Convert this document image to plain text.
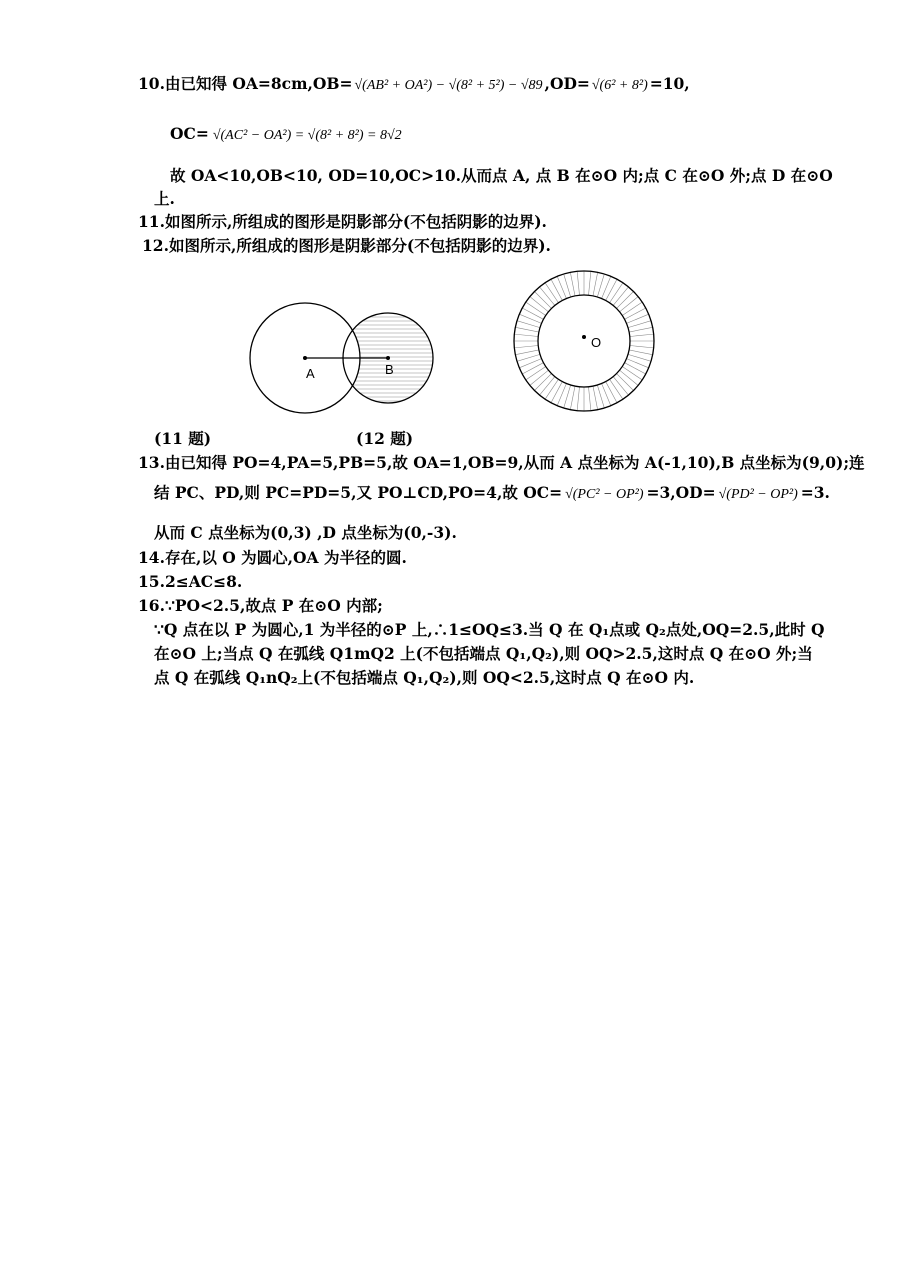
10.由已知得 OA=8cm,OB= √(AB² + OA²) − √(8² + 5²) − √89 ,OD= √(6² + 8²) =10,
OC= √(AC² − OA²) = √(8² + 8²) = 8√2
故 OA<10,OB<10, OD=10,OC>10.从而点 A, 点 B 在⊙O 内;点 C 在⊙O 外;点 D 在⊙O
上.
11.如图所示,所组成的图形是阴影部分(不包括阴影的边界).
12.如图所示,所组成的图形是阴影部分(不包括阴影的边界).
A	B
O
(11 题)	(12 题)
13.由已知得 PO=4,PA=5,PB=5,故 OA=1,OB=9,从而 A 点坐标为 A(-1,10),B 点坐标为(9,0);连
结 PC、PD,则 PC=PD=5,又 PO⊥CD,PO=4,故 OC= √(PC² − OP²) =3,OD= √(PD² − OP²) =3.
从而 C 点坐标为(0,3) ,D 点坐标为(0,-3).
14.存在,以 O 为圆心,OA 为半径的圆.
15.2≤AC≤8.
16.∵PO<2.5,故点 P 在⊙O 内部;
∵Q 点在以 P 为圆心,1 为半径的⊙P 上,∴1≤OQ≤3.当 Q 在 Q₁点或 Q₂点处,OQ=2.5,此时 Q
在⊙O 上;当点 Q 在弧线 Q1mQ2 上(不包括端点 Q₁,Q₂),则 OQ>2.5,这时点 Q 在⊙O 外;当
点 Q 在弧线 Q₁nQ₂上(不包括端点 Q₁,Q₂),则 OQ<2.5,这时点 Q 在⊙O 内.
